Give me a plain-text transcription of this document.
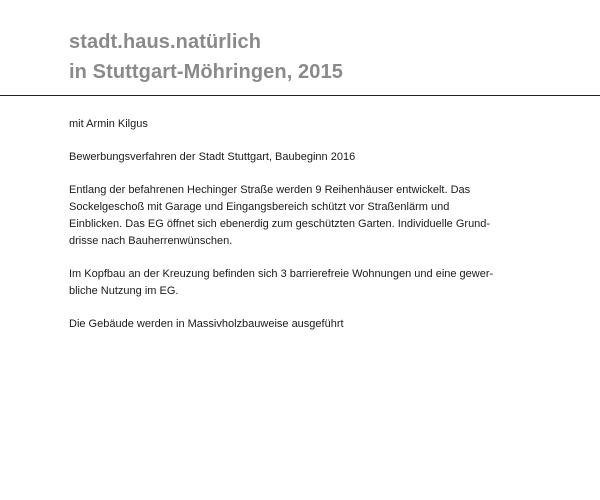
stadt.haus.natürlich
in Stuttgart-Möhringen, 2015

mit Armin Kilgus

Bewerbungsverfahren der Stadt Stuttgart, Baubeginn 2016

Entlang der befahrenen Hechinger Straße werden 9 Reihenhäuser entwickelt. Das
Sockelgeschoß mit Garage und Eingangsbereich schützt vor Straßenlärm und
Einblicken. Das EG öffnet sich ebenerdig zum geschützten Garten. Individuelle Grund-
drisse nach Bauherrenwünschen.

Im Kopfbau an der Kreuzung befinden sich 3 barrierefreie Wohnungen und eine gewer-
bliche Nutzung im EG.

Die Gebäude werden in Massivholzbauweise ausgeführt
